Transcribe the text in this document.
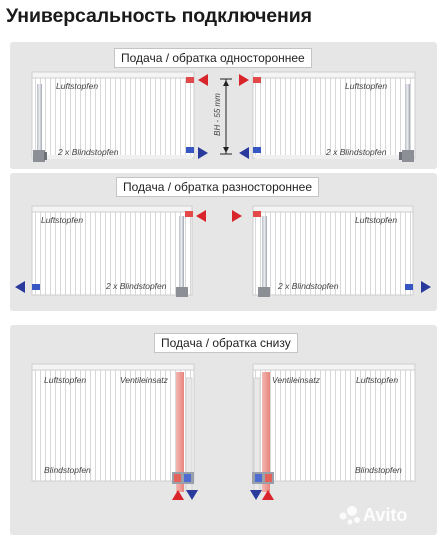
Универсальность подключения
Подача / обратка одностороннее
Подача / обратка разностороннее
Подача / обратка снизу
Luftstopfen
2 x Blindstopfen
Luftstopfen
2 x Blindstopfen
BH - 55 mm
Luftstopfen
2 x Blindstopfen
Luftstopfen
2 x Blindstopfen
Luftstopfen	Ventileinsatz
Blindstopfen
Ventileinsatz	Luftstopfen
Blindstopfen
Avito
